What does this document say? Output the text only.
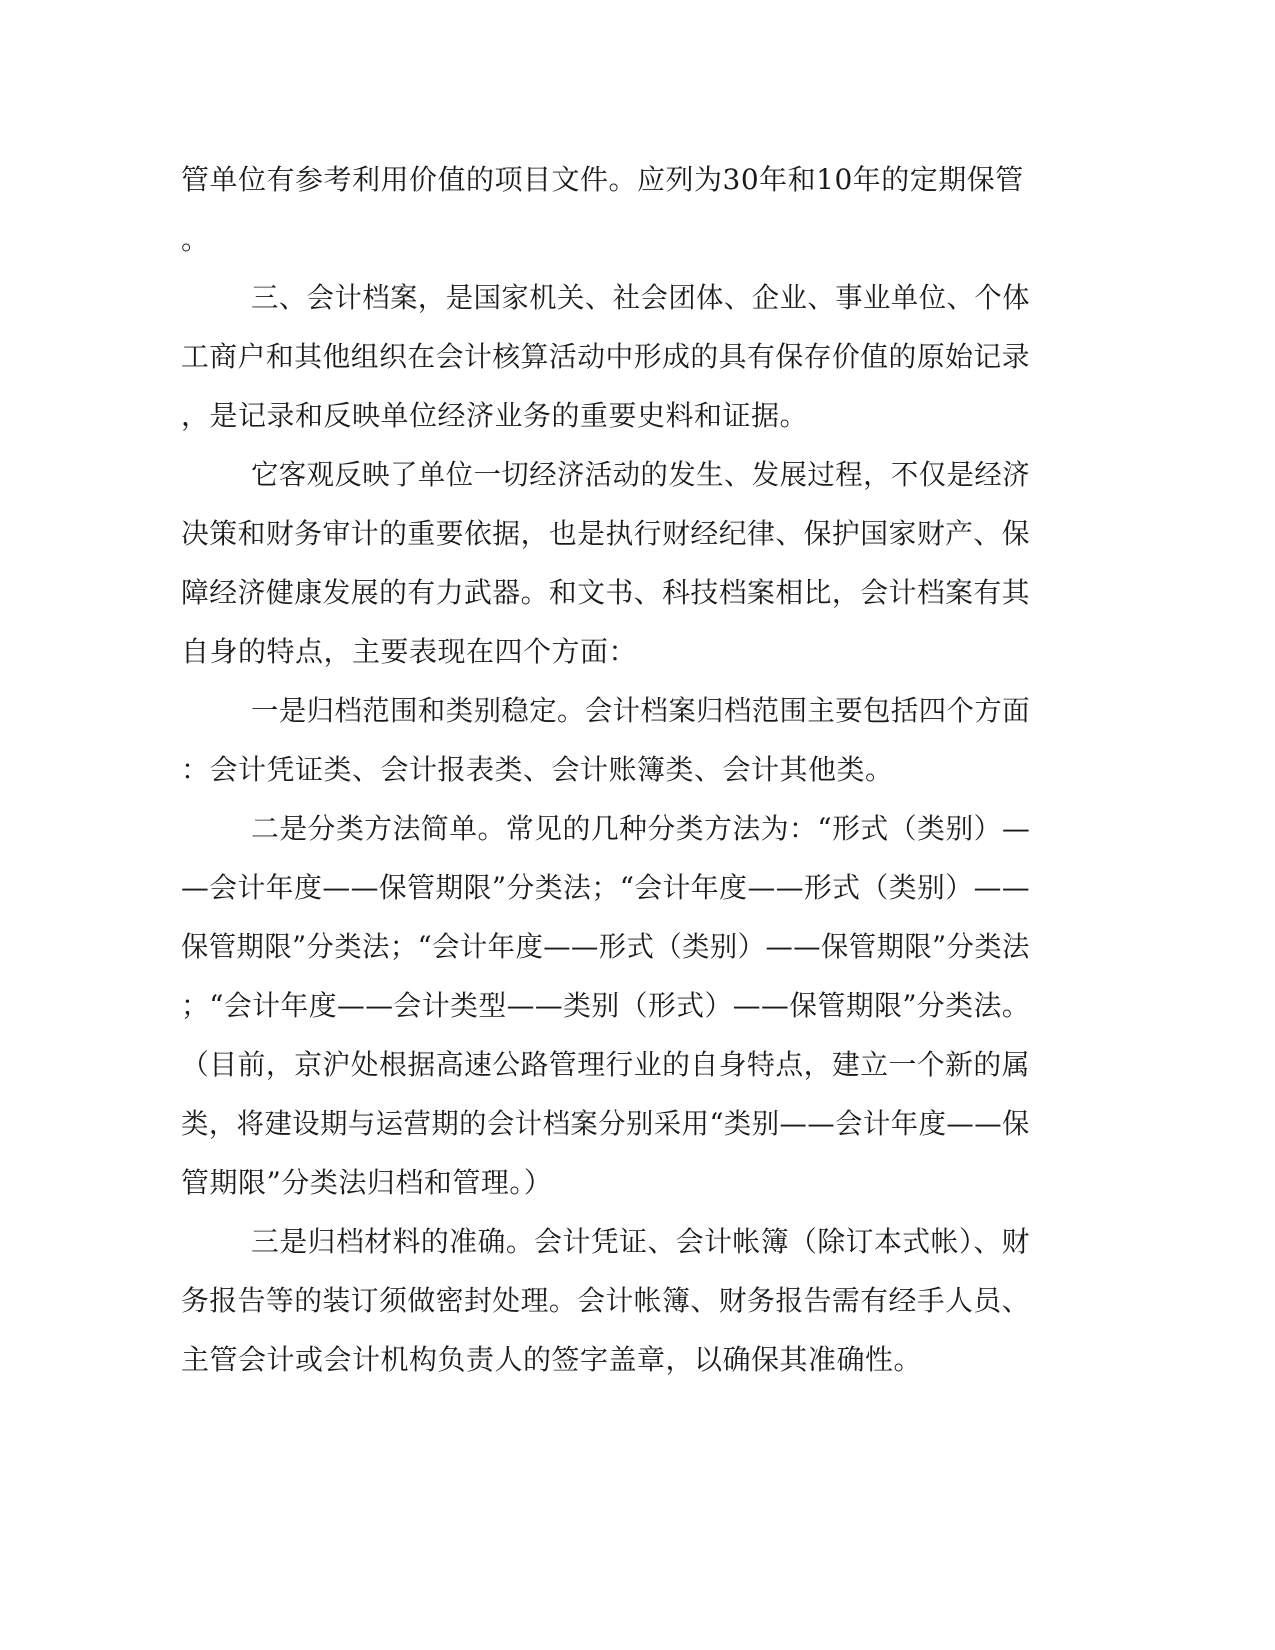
管单位有参考利用价值的项目文件。应列为30年和10年的定期保管
。
三、会计档案，是国家机关、社会团体、企业、事业单位、个体
工商户和其他组织在会计核算活动中形成的具有保存价值的原始记录
，是记录和反映单位经济业务的重要史料和证据。
它客观反映了单位一切经济活动的发生、发展过程，不仅是经济
决策和财务审计的重要依据，也是执行财经纪律、保护国家财产、保
障经济健康发展的有力武器。和文书、科技档案相比，会计档案有其
自身的特点，主要表现在四个方面：
一是归档范围和类别稳定。会计档案归档范围主要包括四个方面
：会计凭证类、会计报表类、会计账簿类、会计其他类。
二是分类方法简单。常见的几种分类方法为：“形式（类别）—
—会计年度——保管期限”分类法；“会计年度——形式（类别）——
保管期限”分类法；“会计年度——形式（类别）——保管期限”分类法
；“会计年度——会计类型——类别（形式）——保管期限”分类法。
（目前，京沪处根据高速公路管理行业的自身特点，建立一个新的属
类，将建设期与运营期的会计档案分别采用“类别——会计年度——保
管期限”分类法归档和管理。）
三是归档材料的准确。会计凭证、会计帐簿（除订本式帐）、财
务报告等的装订须做密封处理。会计帐簿、财务报告需有经手人员、
主管会计或会计机构负责人的签字盖章，以确保其准确性。
